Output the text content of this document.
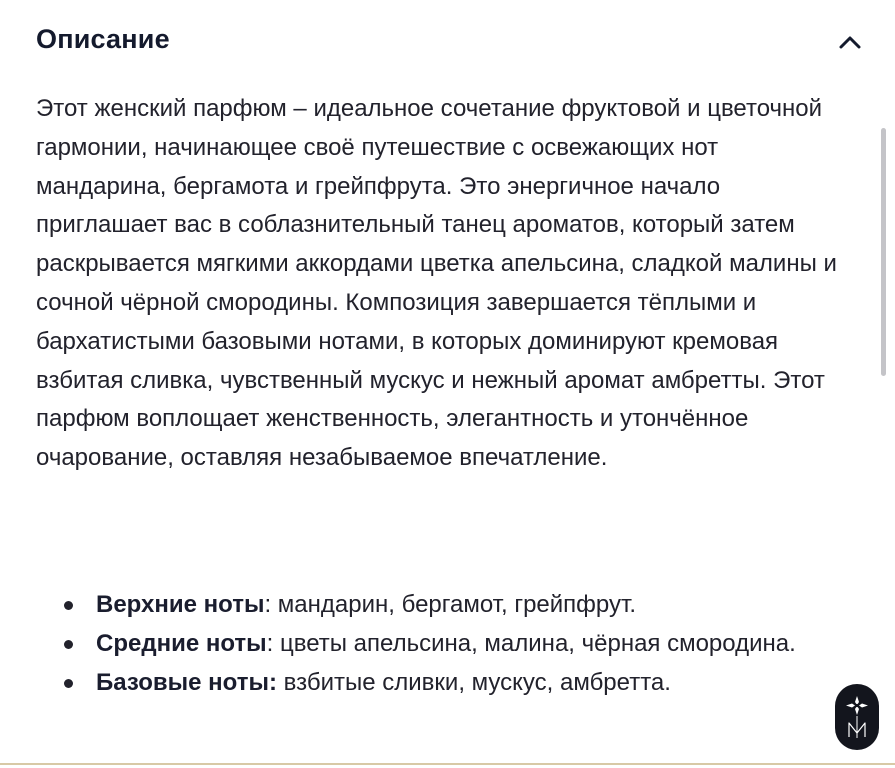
Описание

Этот женский парфюм – идеальное сочетание фруктовой и цветочной гармонии, начинающее своё путешествие с освежающих нот мандарина, бергамота и грейпфрута. Это энергичное начало приглашает вас в соблазнительный танец ароматов, который затем раскрывается мягкими аккордами цветка апельсина, сладкой малины и сочной чёрной смородины. Композиция завершается тёплыми и бархатистыми базовыми нотами, в которых доминируют кремовая взбитая сливка, чувственный мускус и нежный аромат амбретты. Этот парфюм воплощает женственность, элегантность и утончённое очарование, оставляя незабываемое впечатление.

Верхние ноты: мандарин, бергамот, грейпфрут.
Средние ноты: цветы апельсина, малина, чёрная смородина.
Базовые ноты: взбитые сливки, мускус, амбретта.
